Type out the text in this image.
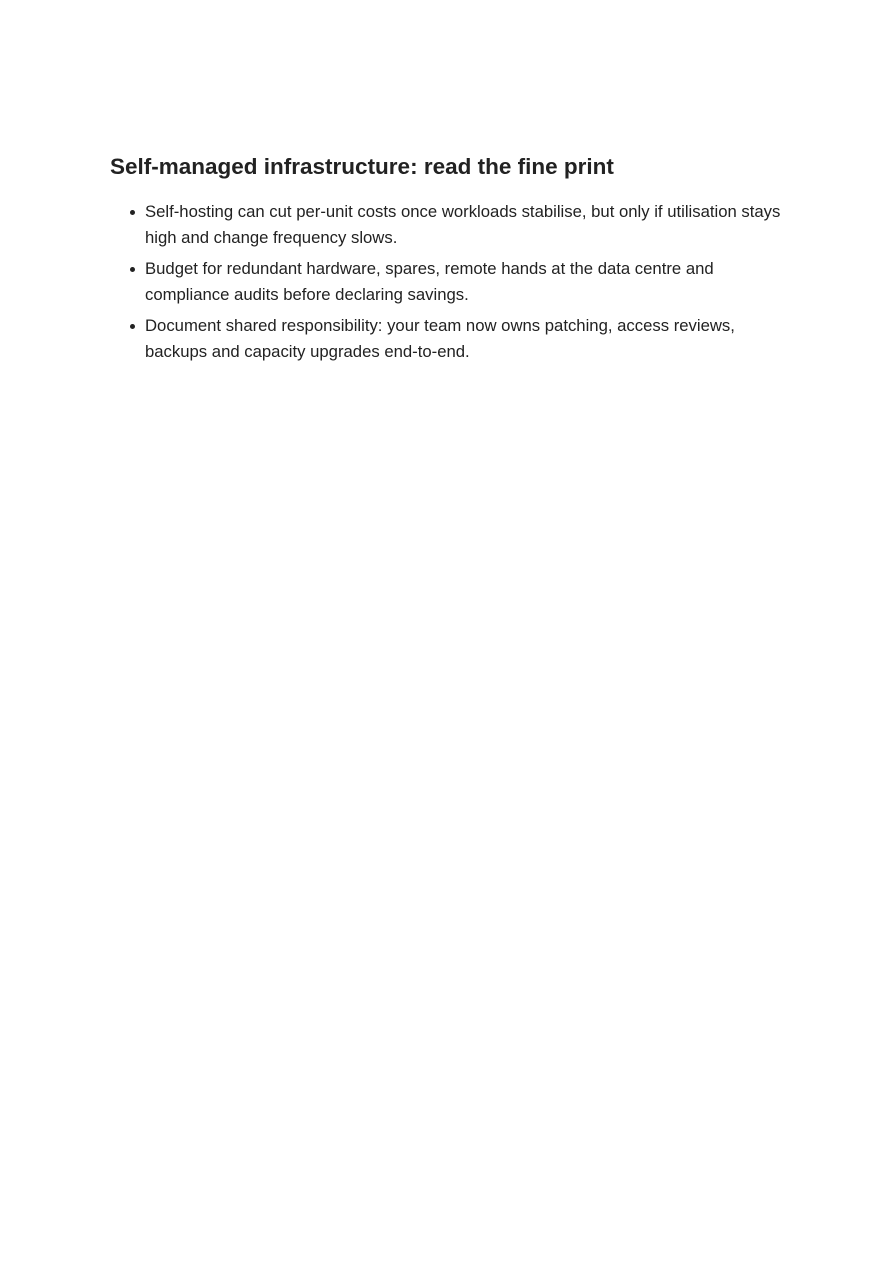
Self-managed infrastructure: read the fine print
Self-hosting can cut per-unit costs once workloads stabilise, but only if utilisation stays high and change frequency slows.
Budget for redundant hardware, spares, remote hands at the data centre and compliance audits before declaring savings.
Document shared responsibility: your team now owns patching, access reviews, backups and capacity upgrades end-to-end.
